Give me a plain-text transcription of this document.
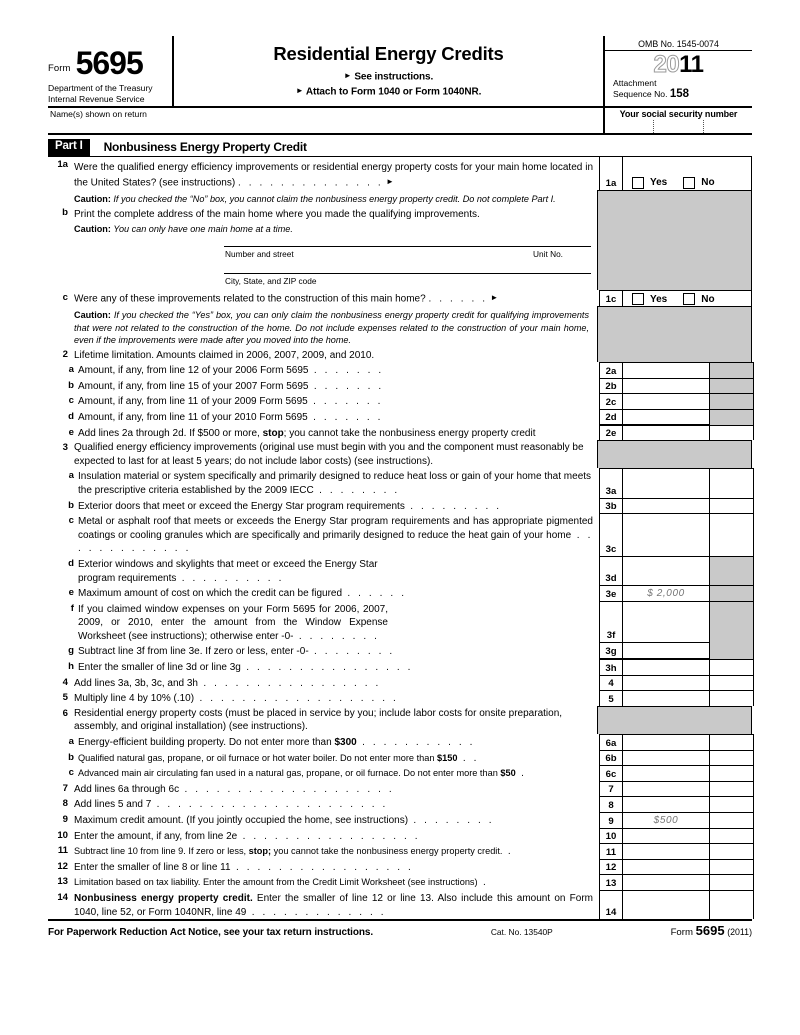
Form 5695
Department of the Treasury
Internal Revenue Service
Residential Energy Credits
► See instructions.
► Attach to Form 1040 or Form 1040NR.
OMB No. 1545-0074
2011
Attachment
Sequence No. 158
Name(s) shown on return	Your social security number
Part I	Nonbusiness Energy Property Credit
1a Were the qualified energy efficiency improvements or residential energy property costs for your main home located in the United States? (see instructions) . . . . . . . . . . . . . . ►	1a	Yes	No
Caution: If you checked the “No” box, you cannot claim the nonbusiness energy property credit. Do not complete Part I.
b Print the complete address of the main home where you made the qualifying improvements.
Caution: You can only have one main home at a time.
Number and street	Unit No.
City, State, and ZIP code
c Were any of these improvements related to the construction of this main home? . . . . . . ►	1c	Yes	No
Caution: If you checked the “Yes” box, you can only claim the nonbusiness energy property credit for qualifying improvements that were not related to the construction of the home. Do not include expenses related to the construction of your main home, even if the improvements were made after you moved into the home.
2 Lifetime limitation. Amounts claimed in 2006, 2007, 2009, and 2010.
a Amount, if any, from line 12 of your 2006 Form 5695 . . . . . . .	2a
b Amount, if any, from line 15 of your 2007 Form 5695 . . . . . . .	2b
c Amount, if any, from line 11 of your 2009 Form 5695 . . . . . . .	2c
d Amount, if any, from line 11 of your 2010 Form 5695 . . . . . . .	2d
e Add lines 2a through 2d. If $500 or more, stop; you cannot take the nonbusiness energy property credit	2e
3 Qualified energy efficiency improvements (original use must begin with you and the component must reasonably be expected to last for at least 5 years; do not include labor costs) (see instructions).
a Insulation material or system specifically and primarily designed to reduce heat loss or gain of your home that meets the prescriptive criteria established by the 2009 IECC . . . . . . . .	3a
b Exterior doors that meet or exceed the Energy Star program requirements . . . . . . . . .	3b
c Metal or asphalt roof that meets or exceeds the Energy Star program requirements and has appropriate pigmented coatings or cooling granules which are specifically and primarily designed to reduce the heat gain of your home . . . . . . . . . . . . .	3c
d Exterior windows and skylights that meet or exceed the Energy Star program requirements . . . . . . . . . .	3d
e Maximum amount of cost on which the credit can be figured . . . . . .	3e	$ 2,000
f If you claimed window expenses on your Form 5695 for 2006, 2007, 2009, or 2010, enter the amount from the Window Expense Worksheet (see instructions); otherwise enter -0- . . . . . . . .	3f
g Subtract line 3f from line 3e. If zero or less, enter -0- . . . . . . . .	3g
h Enter the smaller of line 3d or line 3g . . . . . . . . . . . . . . . .	3h
4 Add lines 3a, 3b, 3c, and 3h . . . . . . . . . . . . . . . . .	4
5 Multiply line 4 by 10% (.10) . . . . . . . . . . . . . . . . . . .	5
6 Residential energy property costs (must be placed in service by you; include labor costs for onsite preparation, assembly, and original installation) (see instructions).
a Energy-efficient building property. Do not enter more than $300 . . . . . . . . . . .	6a
b Qualified natural gas, propane, or oil furnace or hot water boiler. Do not enter more than $150 . .	6b
c Advanced main air circulating fan used in a natural gas, propane, or oil furnace. Do not enter more than $50 .	6c
7 Add lines 6a through 6c . . . . . . . . . . . . . . . . . . . .	7
8 Add lines 5 and 7 . . . . . . . . . . . . . . . . . . . . . .	8
9 Maximum credit amount. (If you jointly occupied the home, see instructions) . . . . . . . .	9	$500
10 Enter the amount, if any, from line 2e . . . . . . . . . . . . . . . . .	10
11 Subtract line 10 from line 9. If zero or less, stop; you cannot take the nonbusiness energy property credit. .	11
12 Enter the smaller of line 8 or line 11 . . . . . . . . . . . . . . . . .	12
13 Limitation based on tax liability. Enter the amount from the Credit Limit Worksheet (see instructions) .	13
14 Nonbusiness energy property credit. Enter the smaller of line 12 or line 13. Also include this amount on Form 1040, line 52, or Form 1040NR, line 49 . . . . . . . . . . . . .	14
For Paperwork Reduction Act Notice, see your tax return instructions.	Cat. No. 13540P	Form 5695 (2011)
